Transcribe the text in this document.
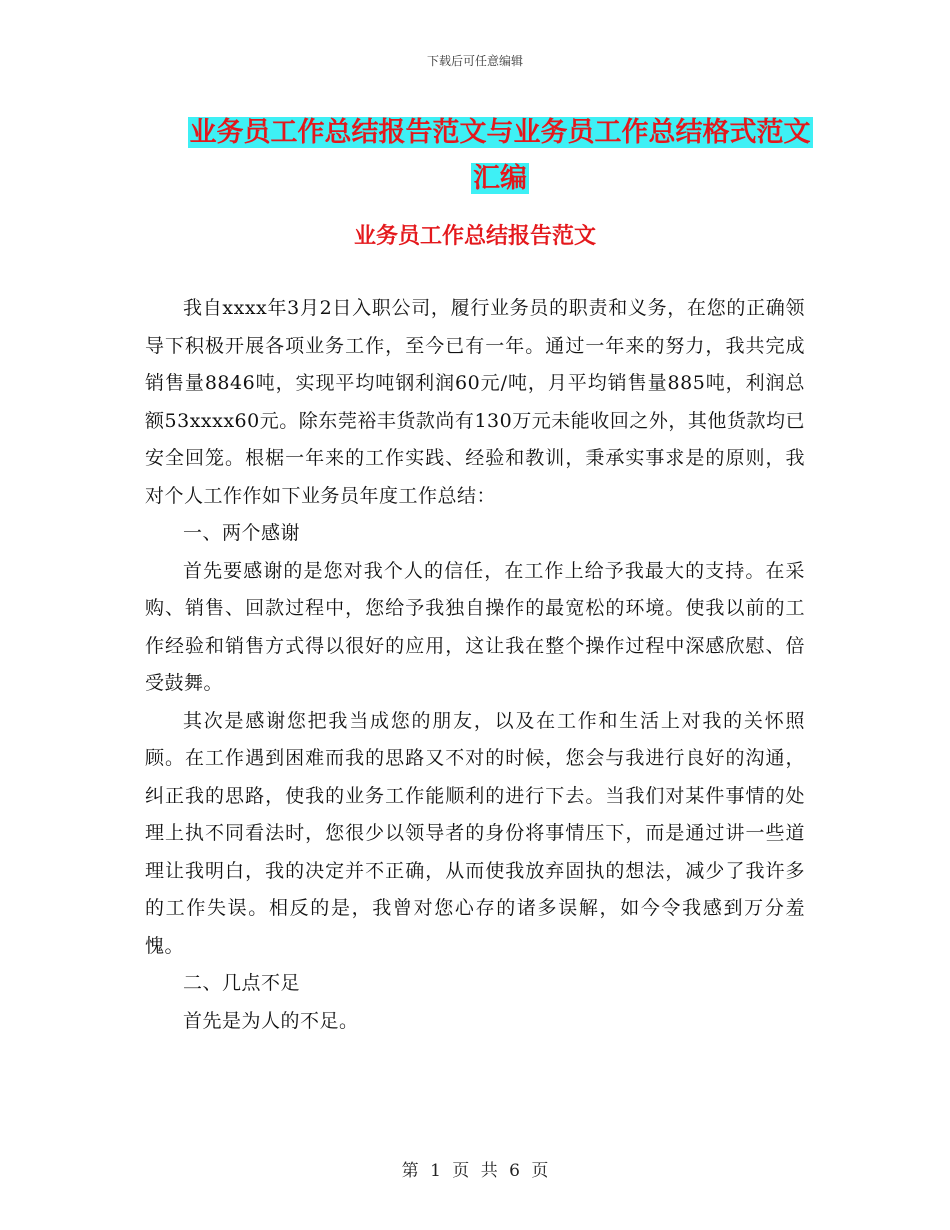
下载后可任意编辑
业务员工作总结报告范文与业务员工作总结格式范文汇编
业务员工作总结报告范文

我自xxxx年3月2日入职公司，履行业务员的职责和义务，在您的正确领导下积极开展各项业务工作，至今已有一年。通过一年来的努力，我共完成销售量8846吨，实现平均吨钢利润60元/吨，月平均销售量885吨，利润总额53xxxx60元。除东莞裕丰货款尚有130万元未能收回之外，其他货款均已安全回笼。根椐一年来的工作实践、经验和教训，秉承实事求是的原则，我对个人工作作如下业务员年度工作总结：

一、两个感谢

首先要感谢的是您对我个人的信任，在工作上给予我最大的支持。在采购、销售、回款过程中，您给予我独自操作的最宽松的环境。使我以前的工作经验和销售方式得以很好的应用，这让我在整个操作过程中深感欣慰、倍受鼓舞。

其次是感谢您把我当成您的朋友，以及在工作和生活上对我的关怀照顾。在工作遇到困难而我的思路又不对的时候，您会与我进行良好的沟通，纠正我的思路，使我的业务工作能顺利的进行下去。当我们对某件事情的处理上执不同看法时，您很少以领导者的身份将事情压下，而是通过讲一些道理让我明白，我的决定并不正确，从而使我放弃固执的想法，减少了我许多的工作失误。相反的是，我曾对您心存的诸多误解，如今令我感到万分羞愧。

二、几点不足

首先是为人的不足。

第 1 页 共 6 页
